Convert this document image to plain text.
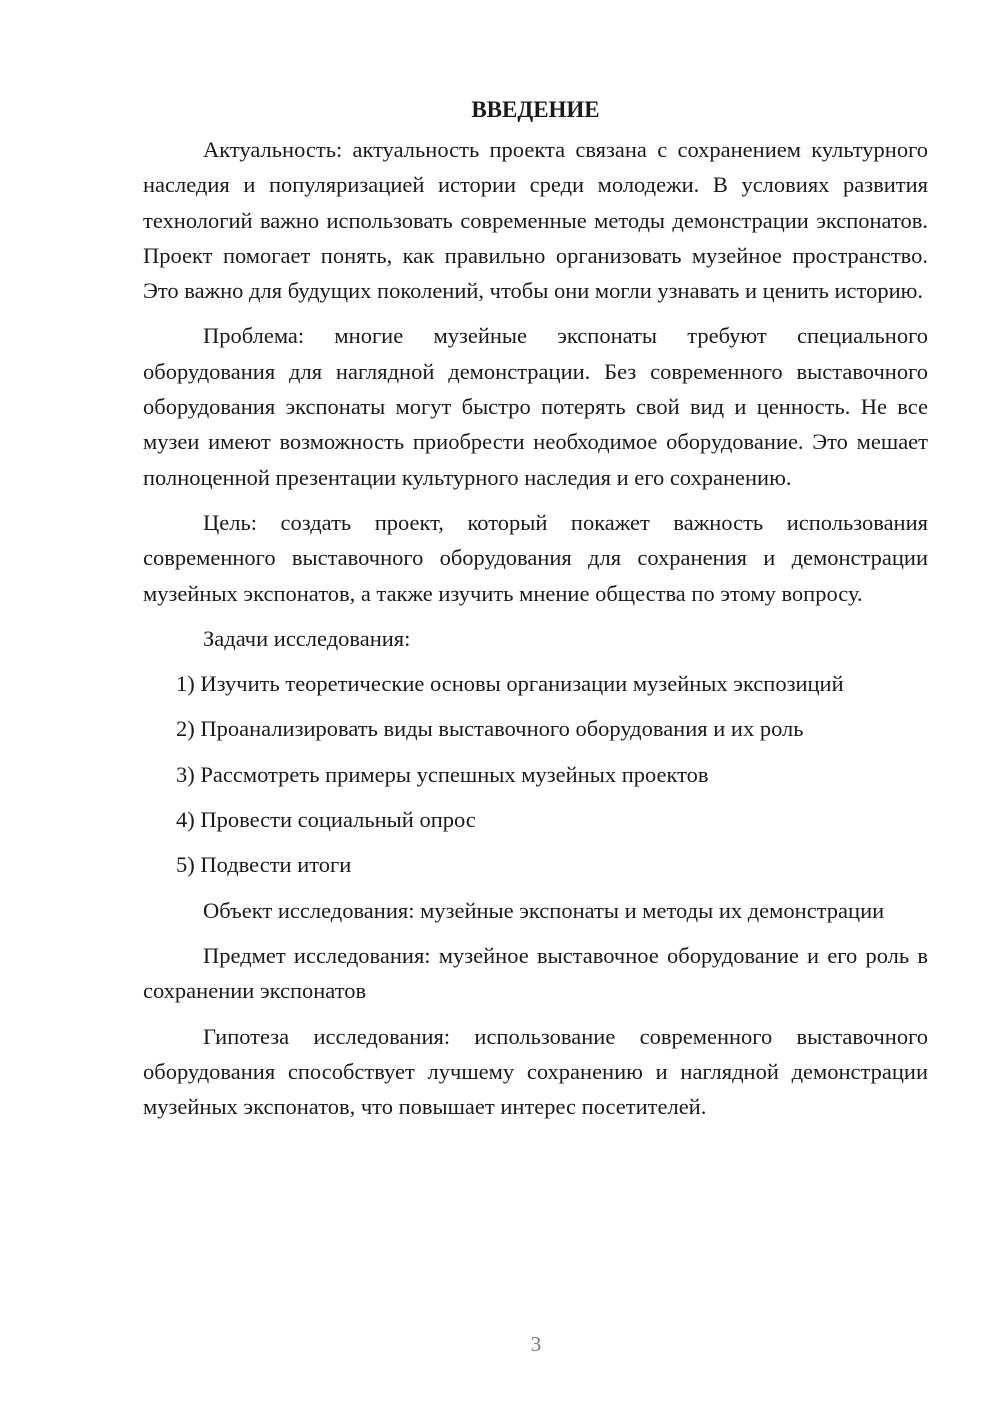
ВВЕДЕНИЕ

Актуальность: актуальность проекта связана с сохранением культурного наследия и популяризацией истории среди молодежи. В условиях развития технологий важно использовать современные методы демонстрации экспонатов. Проект помогает понять, как правильно организовать музейное пространство. Это важно для будущих поколений, чтобы они могли узнавать и ценить историю.

Проблема: многие музейные экспонаты требуют специального оборудования для наглядной демонстрации. Без современного выставочного оборудования экспонаты могут быстро потерять свой вид и ценность. Не все музеи имеют возможность приобрести необходимое оборудование. Это мешает полноценной презентации культурного наследия и его сохранению.

Цель: создать проект, который покажет важность использования современного выставочного оборудования для сохранения и демонстрации музейных экспонатов, а также изучить мнение общества по этому вопросу.

Задачи исследования:

1) Изучить теоретические основы организации музейных экспозиций
2) Проанализировать виды выставочного оборудования и их роль
3) Рассмотреть примеры успешных музейных проектов
4) Провести социальный опрос
5) Подвести итоги

Объект исследования: музейные экспонаты и методы их демонстрации

Предмет исследования: музейное выставочное оборудование и его роль в сохранении экспонатов

Гипотеза исследования: использование современного выставочного оборудования способствует лучшему сохранению и наглядной демонстрации музейных экспонатов, что повышает интерес посетителей.

3
